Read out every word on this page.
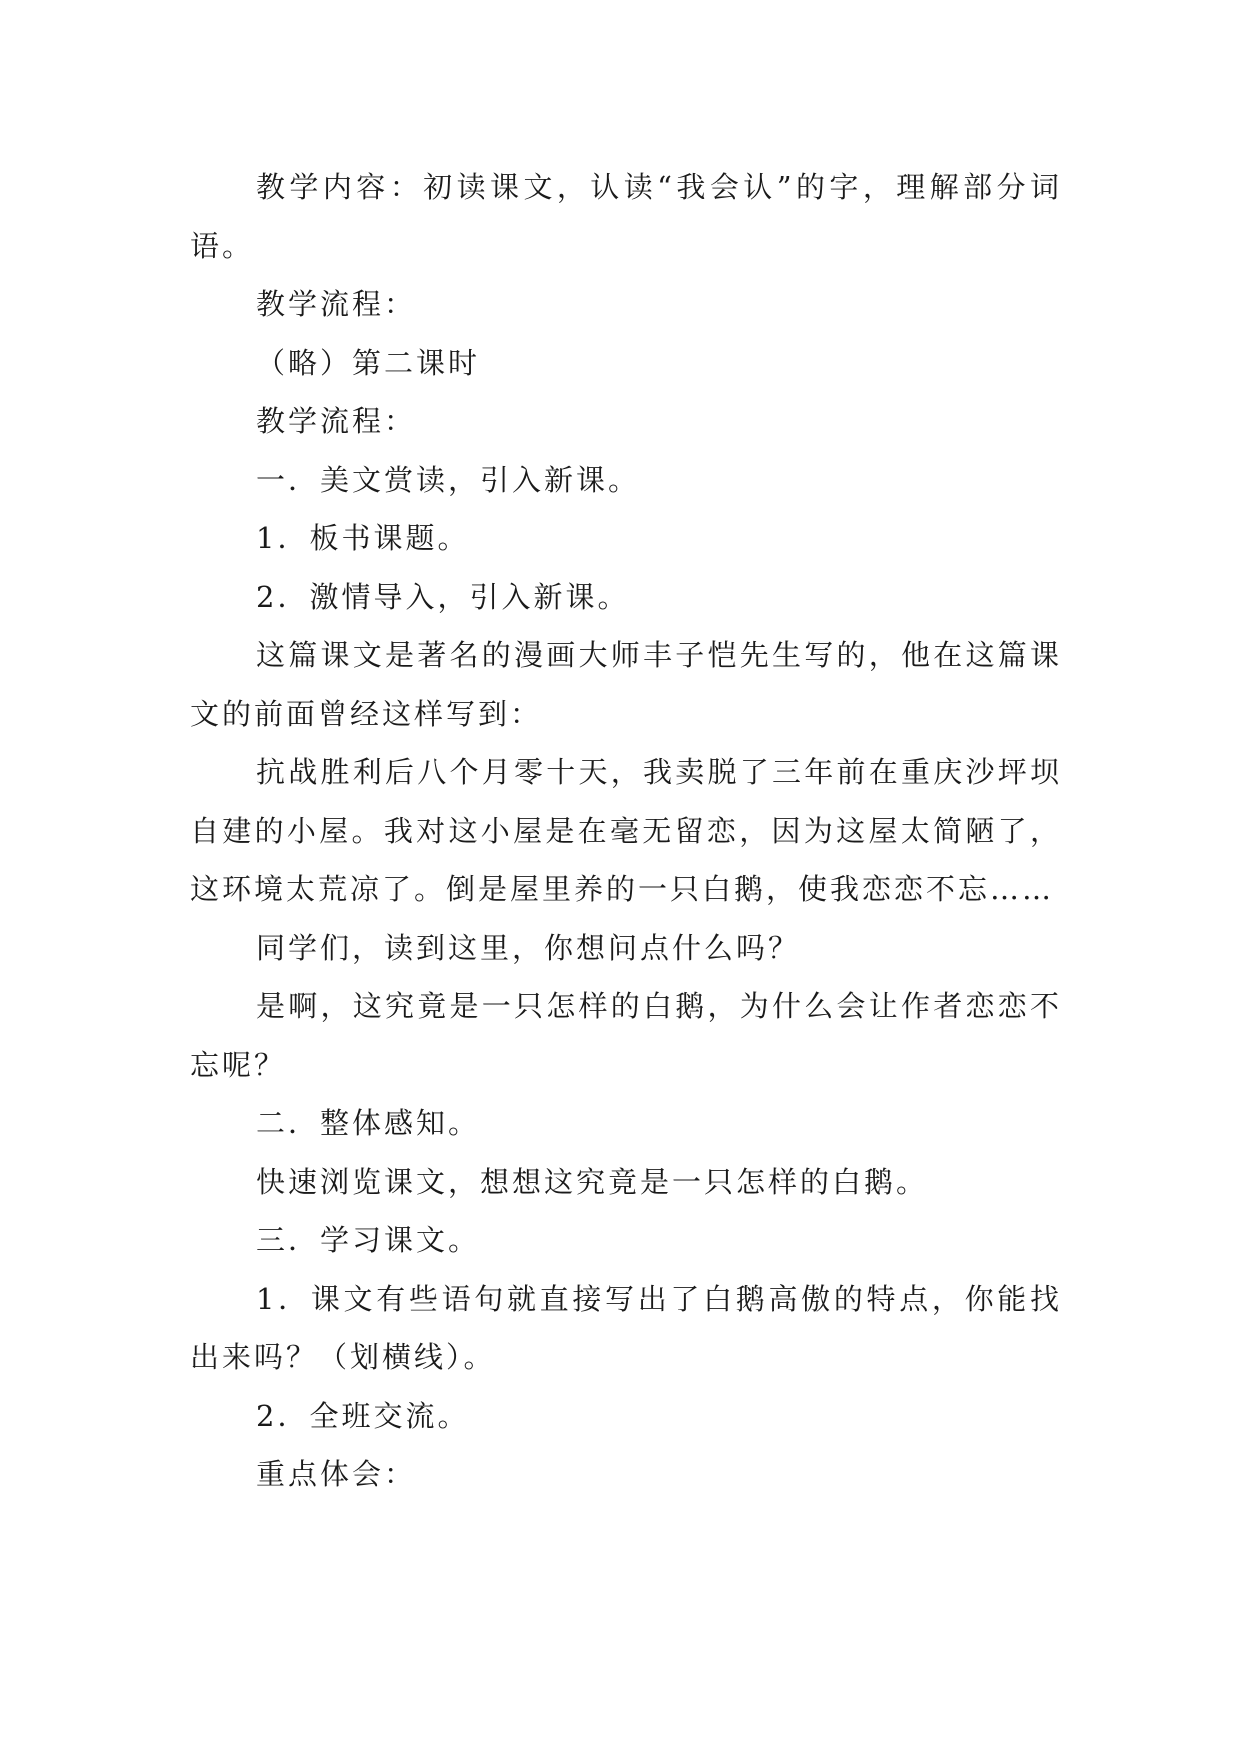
教学内容：初读课文，认读“我会认”的字，理解部分词语。

教学流程：

（略）第二课时

教学流程：

一．美文赏读，引入新课。

1．板书课题。

2．激情导入，引入新课。

这篇课文是著名的漫画大师丰子恺先生写的，他在这篇课文的前面曾经这样写到：

抗战胜利后八个月零十天，我卖脱了三年前在重庆沙坪坝自建的小屋。我对这小屋是在毫无留恋，因为这屋太简陋了，这环境太荒凉了。倒是屋里养的一只白鹅，使我恋恋不忘……

同学们，读到这里，你想问点什么吗？

是啊，这究竟是一只怎样的白鹅，为什么会让作者恋恋不忘呢？

二．整体感知。

快速浏览课文，想想这究竟是一只怎样的白鹅。

三．学习课文。

1．课文有些语句就直接写出了白鹅高傲的特点，你能找出来吗？（划横线）。

2．全班交流。

重点体会：
